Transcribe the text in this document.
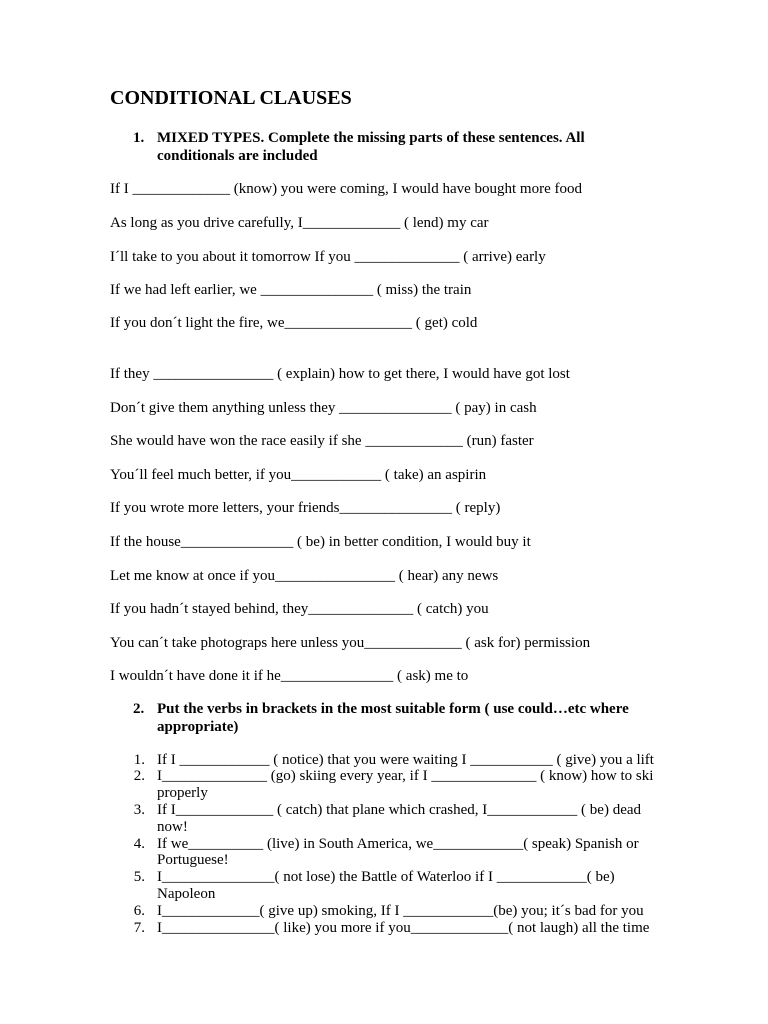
CONDITIONAL CLAUSES
1. MIXED TYPES. Complete the missing parts of these sentences. All conditionals are included
If I _____________ (know) you were coming, I would have bought more food
As long as you drive carefully, I_____________ ( lend) my car
I´ll take to you about it tomorrow If you ______________ ( arrive) early
If we had left earlier, we _______________ ( miss) the train
If you don´t light the fire, we_________________ ( get) cold
If they ________________ ( explain) how to get there, I would have got lost
Don´t give them anything unless they _______________ ( pay) in cash
She would have won the race easily if she _____________ (run) faster
You´ll feel much better, if you____________ ( take) an aspirin
If you wrote more letters, your friends_______________ ( reply)
If the house_______________ ( be) in better condition, I would buy it
Let me know at once if you________________ ( hear) any news
If you hadn´t stayed behind, they______________ ( catch) you
You can´t take photograps here unless you_____________ ( ask for) permission
I wouldn´t have done it if he_______________ ( ask) me to
2. Put the verbs in brackets in the most suitable form ( use could…etc where appropriate)
1. If I ____________ ( notice) that you were waiting I ___________ ( give) you a lift
2. I______________ (go) skiing every year, if I ______________ ( know) how to ski properly
3. If I_____________ ( catch) that plane which crashed, I____________ ( be) dead now!
4. If we__________ (live) in South America, we____________( speak) Spanish or Portuguese!
5. I_______________( not lose) the Battle of Waterloo if I ____________( be) Napoleon
6. I_____________( give up) smoking, If I ____________(be) you; it´s bad for you
7. I_______________( like) you more if you_____________( not laugh) all the time
